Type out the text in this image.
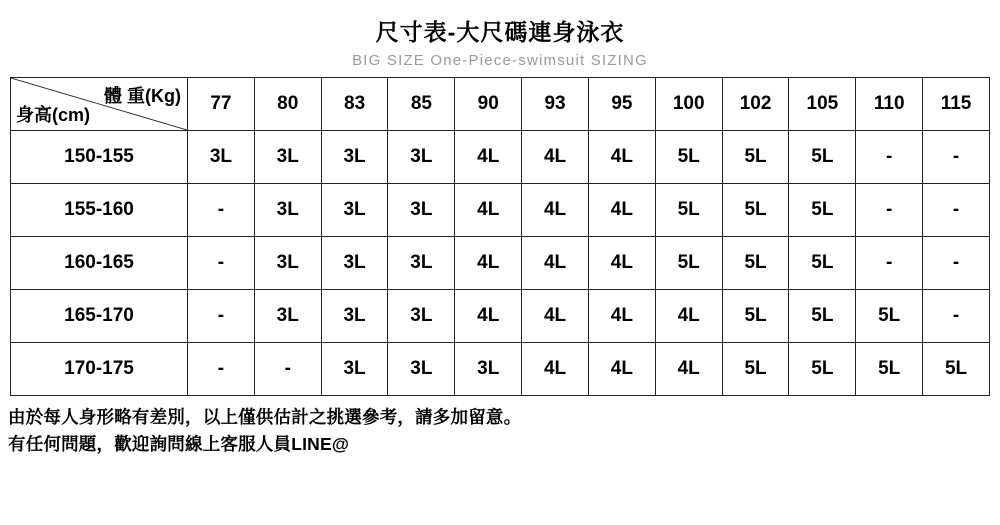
尺寸表-大尺碼連身泳衣
BIG SIZE One-Piece-swimsuit SIZING
體 重(Kg)
身高(cm)	77	80	83	85	90	93	95	100	102	105	110	115
150-155	3L	3L	3L	3L	4L	4L	4L	5L	5L	5L	-	-
155-160	-	3L	3L	3L	4L	4L	4L	5L	5L	5L	-	-
160-165	-	3L	3L	3L	4L	4L	4L	5L	5L	5L	-	-
165-170	-	3L	3L	3L	4L	4L	4L	4L	5L	5L	5L	-
170-175	-	-	3L	3L	3L	4L	4L	4L	5L	5L	5L	5L
由於每人身形略有差別，以上僅供估計之挑選參考，請多加留意。
有任何問題，歡迎詢問線上客服人員LINE@
